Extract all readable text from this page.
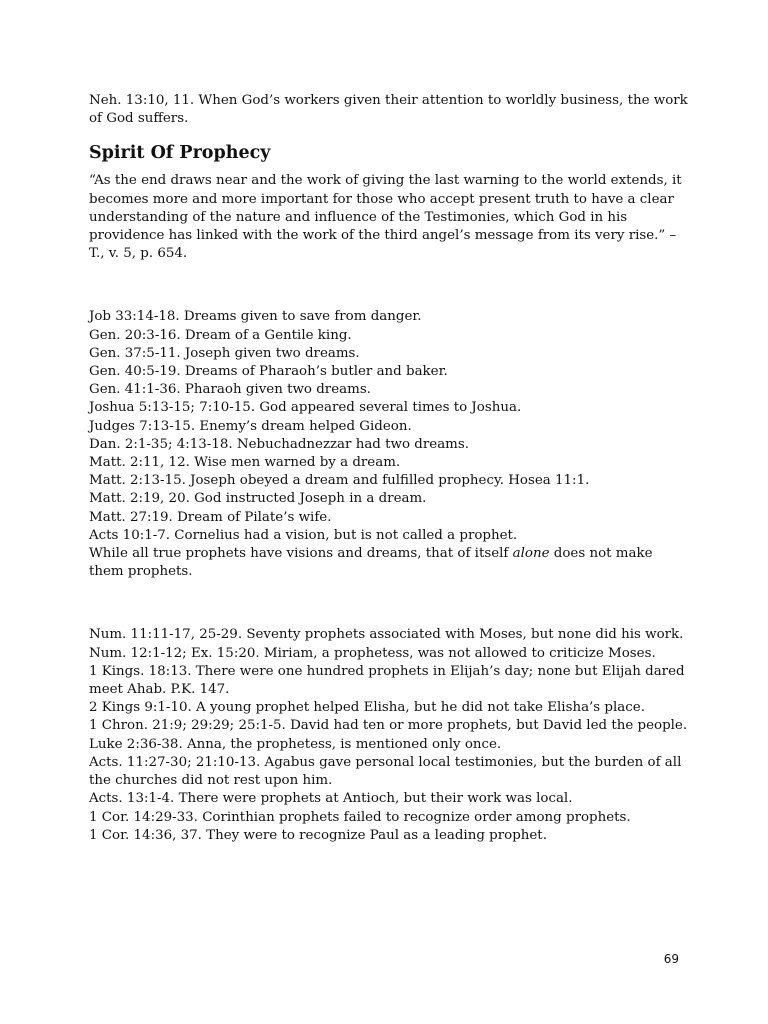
Neh. 13:10, 11. When God’s workers given their attention to worldly business, the work of God suffers.

Spirit Of Prophecy

“As the end draws near and the work of giving the last warning to the world extends, it becomes more and more important for those who accept present truth to have a clear understanding of the nature and influence of the Testimonies, which God in his providence has linked with the work of the third angel’s message from its very rise.” –T., v. 5, p. 654.

Job 33:14-18. Dreams given to save from danger.

Gen. 20:3-16. Dream of a Gentile king.

Gen. 37:5-11. Joseph given two dreams.

Gen. 40:5-19. Dreams of Pharaoh’s butler and baker.

Gen. 41:1-36. Pharaoh given two dreams.

Joshua 5:13-15; 7:10-15. God appeared several times to Joshua.

Judges 7:13-15. Enemy’s dream helped Gideon.

Dan. 2:1-35; 4:13-18. Nebuchadnezzar had two dreams.

Matt. 2:11, 12. Wise men warned by a dream.

Matt. 2:13-15. Joseph obeyed a dream and fulfilled prophecy. Hosea 11:1.

Matt. 2:19, 20. God instructed Joseph in a dream.

Matt. 27:19. Dream of Pilate’s wife.

Acts 10:1-7. Cornelius had a vision, but is not called a prophet.

While all true prophets have visions and dreams, that of itself alone does not make them prophets.

Num. 11:11-17, 25-29. Seventy prophets associated with Moses, but none did his work.

Num. 12:1-12; Ex. 15:20. Miriam, a prophetess, was not allowed to criticize Moses.

1 Kings. 18:13. There were one hundred prophets in Elijah’s day; none but Elijah dared meet Ahab. P.K. 147.

2 Kings 9:1-10. A young prophet helped Elisha, but he did not take Elisha’s place.

1 Chron. 21:9; 29:29; 25:1-5. David had ten or more prophets, but David led the people.

Luke 2:36-38. Anna, the prophetess, is mentioned only once.

Acts. 11:27-30; 21:10-13. Agabus gave personal local testimonies, but the burden of all the churches did not rest upon him.

Acts. 13:1-4. There were prophets at Antioch, but their work was local.

1 Cor. 14:29-33. Corinthian prophets failed to recognize order among prophets.

1 Cor. 14:36, 37. They were to recognize Paul as a leading prophet.

69
